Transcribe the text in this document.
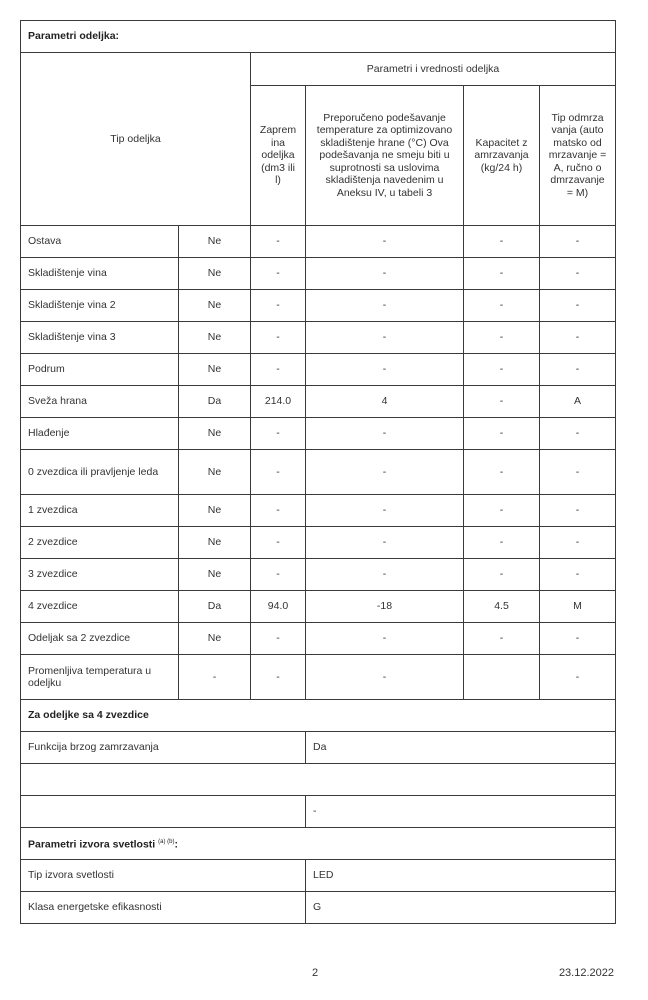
Parametri odeljka:					
Tip odeljka		Parametri i vrednosti odeljka			
		Zaprem ina odeljka (dm3 ili l)	Preporučeno podešavanje temperature za optimizovano skladištenje hrane (°C) Ova podešavanja ne smeju biti u suprotnosti sa uslovima skladištenja navedenim u Aneksu IV, u tabeli 3	Kapacitet z amrzavanja (kg/24 h)	Tip odmrza vanja (auto matsko od mrzavanje = A, ručno o dmrzavanje = M)
Ostava	Ne	-	-	-	-
Skladištenje vina	Ne	-	-	-	-
Skladištenje vina 2	Ne	-	-	-	-
Skladištenje vina 3	Ne	-	-	-	-
Podrum	Ne	-	-	-	-
Sveža hrana	Da	214.0	4	-	A
Hlađenje	Ne	-	-	-	-
0 zvezdica ili pravljenje leda	Ne	-	-	-	-
1 zvezdica	Ne	-	-	-	-
2 zvezdice	Ne	-	-	-	-
3 zvezdice	Ne	-	-	-	-
4 zvezdice	Da	94.0	-18	4.5	M
Odeljak sa 2 zvezdice	Ne	-	-	-	-
Promenljiva temperatura u odeljku	-	-	-		-
Za odeljke sa 4 zvezdice					
Funkcija brzog zamrzavanja			Da		

			-		
Parametri izvora svetlosti $^{(a) (b)}$:					
Tip izvora svetlosti			LED		
Klasa energetske efikasnosti			G		
2	23.12.2022
